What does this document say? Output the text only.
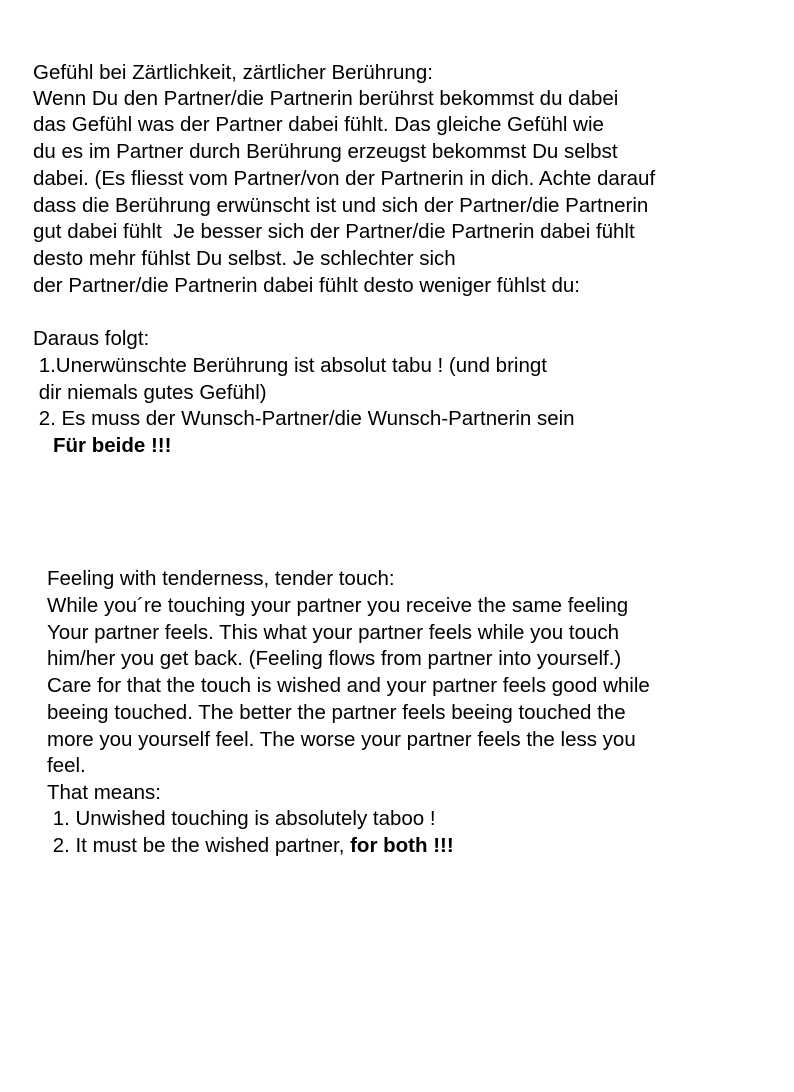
Gefühl bei Zärtlichkeit, zärtlicher Berührung:
Wenn Du den Partner/die Partnerin berührst bekommst du dabei
das Gefühl was der Partner dabei fühlt. Das gleiche Gefühl wie
du es im Partner durch Berührung erzeugst bekommst Du selbst
dabei. (Es fliesst vom Partner/von der Partnerin in dich. Achte darauf
dass die Berührung erwünscht ist und sich der Partner/die Partnerin
gut dabei fühlt  Je besser sich der Partner/die Partnerin dabei fühlt
desto mehr fühlst Du selbst. Je schlechter sich
der Partner/die Partnerin dabei fühlt desto weniger fühlst du:
Daraus folgt:
1.Unerwünschte Berührung ist absolut tabu ! (und bringt
dir niemals gutes Gefühl)
2. Es muss der Wunsch-Partner/die Wunsch-Partnerin sein
Für beide !!!
Feeling with tenderness, tender touch:
While you´re touching your partner you receive the same feeling
Your partner feels. This what your partner feels while you touch
him/her you get back. (Feeling flows from partner into yourself.)
Care for that the touch is wished and your partner feels good while
beeing touched. The better the partner feels beeing touched the
more you yourself feel. The worse your partner feels the less you
feel.
That means:
1. Unwished touching is absolutely taboo !
2. It must be the wished partner, for both !!!
